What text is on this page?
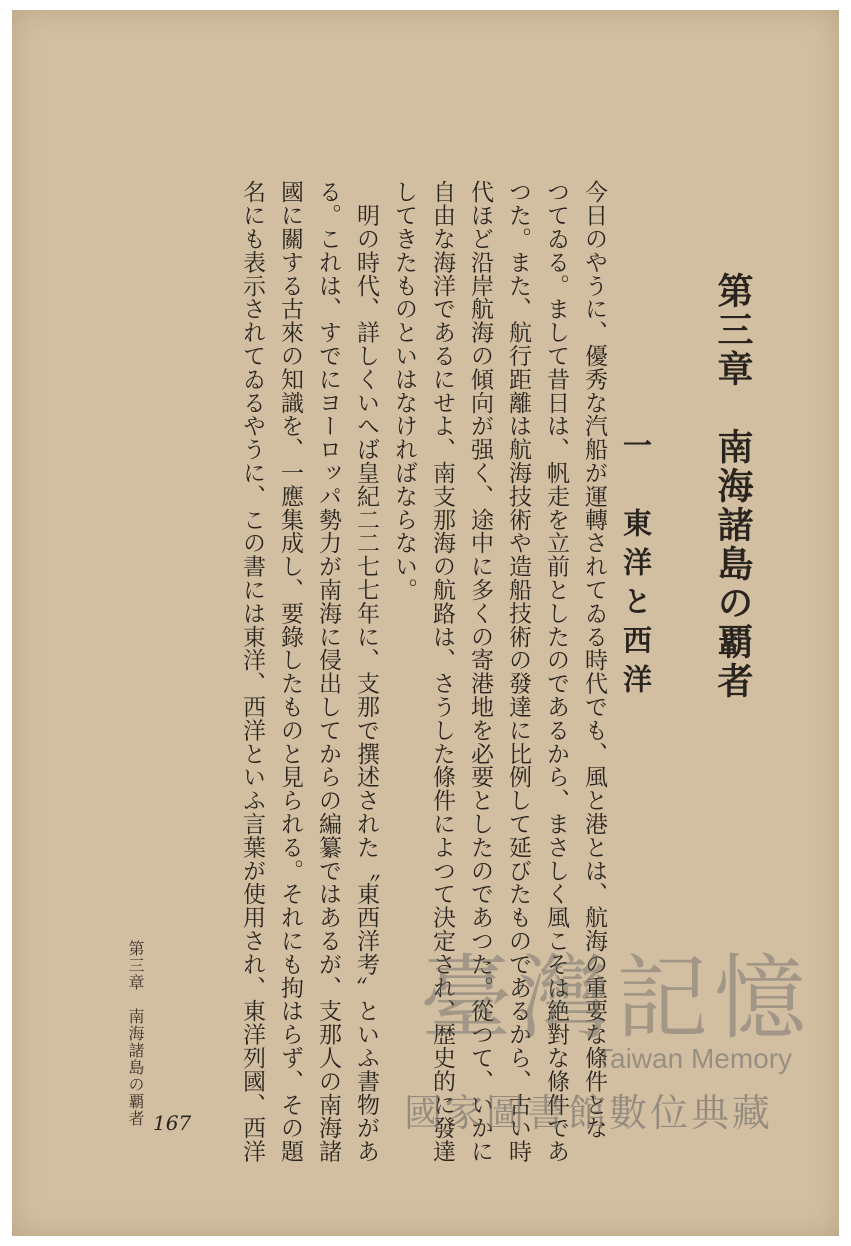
第三章　南海諸島の覇者
一　東洋と西洋
今日のやうに、優秀な汽船が運轉されてゐる時代でも、風と港とは、航海の重要な條件とな
つてゐる。まして昔日は、帆走を立前としたのであるから、まさしく風こそは絶對な條件であ
つた。また、航行距離は航海技術や造船技術の發達に比例して延びたものであるから、古い時
代ほど沿岸航海の傾向が强く、途中に多くの寄港地を必要としたのであつた。從つて、いかに
自由な海洋であるにせよ、南支那海の航路は、さうした條件によつて決定され、歴史的に發達
してきたものといはなければならない。
　明の時代、詳しくいへば皇紀二二七七年に、支那で撰述された〝東西洋考〟といふ書物があ
る。これは、すでにヨーロッパ勢力が南海に侵出してからの編纂ではあるが、支那人の南海諸
國に關する古來の知識を、一應集成し、要錄したものと見られる。それにも拘はらず、その題
名にも表示されてゐるやうに、この書には東洋、西洋といふ言葉が使用され、東洋列國、西洋
第三章　南海諸島の覇者 167
臺灣記憶
Taiwan Memory
國家圖書館數位典藏
